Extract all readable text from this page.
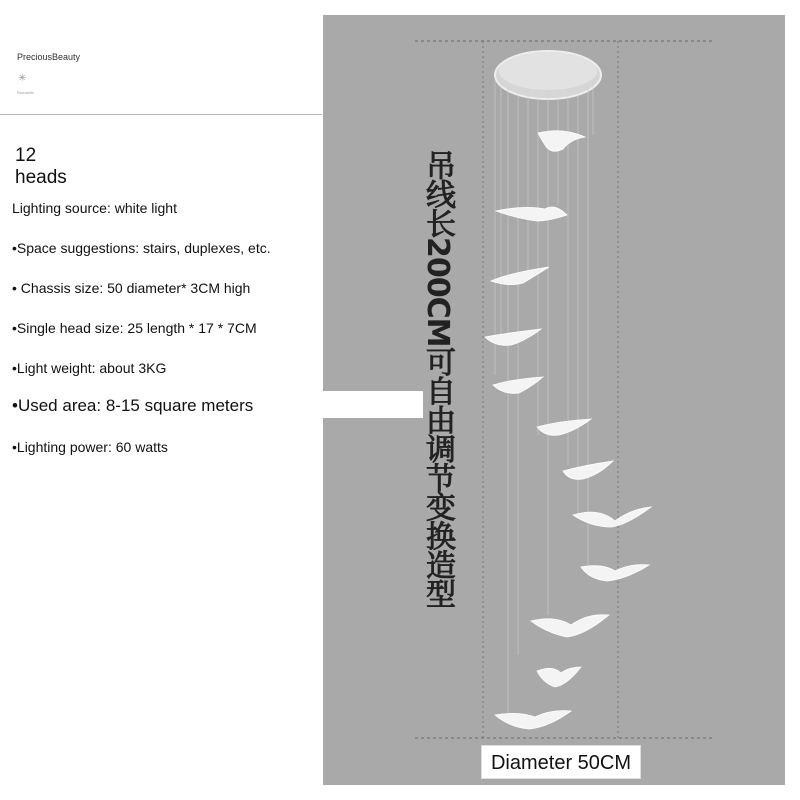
PreciousBeauty
✳
Romantic
12 heads
Lighting source: white light
•Space suggestions: stairs, duplexes, etc.
• Chassis size: 50 diameter* 3CM high
•Single head size: 25 length * 17 * 7CM
•Light weight: about 3KG
•Used area: 8-15 square meters
•Lighting power: 60 watts	吊线长200CM可自由调节变换造型
Diameter 50CM
